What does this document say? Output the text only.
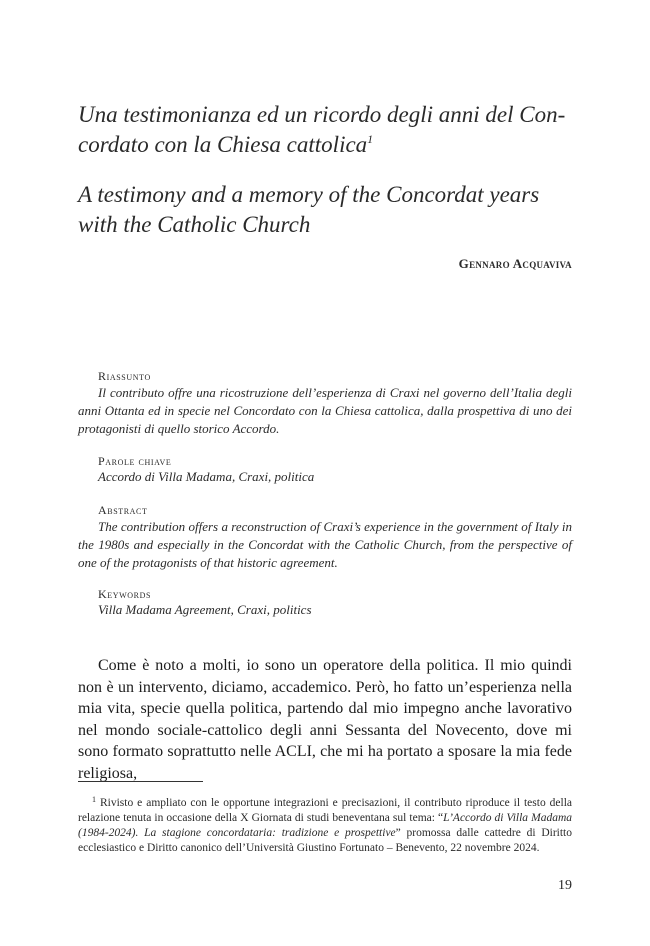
Una testimonianza ed un ricordo degli anni del Con-
cordato con la Chiesa cattolica$^1$
A testimony and a memory of the Concordat years
with the Catholic Church
Gennaro Acquaviva
Riassunto
Il contributo offre una ricostruzione dell’esperienza di Craxi nel governo dell’Italia degli anni Ottanta ed in specie nel Concordato con la Chiesa cattolica, dalla prospettiva di uno dei protagonisti di quello storico Accordo.
Parole chiave
Accordo di Villa Madama, Craxi, politica
Abstract
The contribution offers a reconstruction of Craxi’s experience in the government of Italy in the 1980s and especially in the Concordat with the Catholic Church, from the perspective of one of the protagonists of that historic agreement.
Keywords
Villa Madama Agreement, Craxi, politics
Come è noto a molti, io sono un operatore della politica. Il mio quindi non è un intervento, diciamo, accademico. Però, ho fatto un’esperienza nella mia vita, specie quella politica, partendo dal mio impegno anche lavorativo nel mondo sociale-cattolico degli anni Sessanta del Novecento, dove mi sono formato soprattutto nelle ACLI, che mi ha portato a sposare la mia fede religiosa,
1 Rivisto e ampliato con le opportune integrazioni e precisazioni, il contributo riproduce il testo della relazione tenuta in occasione della X Giornata di studi beneventana sul tema: “L’Accordo di Villa Madama (1984-2024). La stagione concordataria: tradizione e prospettive” promossa dalle cattedre di Diritto ecclesiastico e Diritto canonico dell’Università Giustino Fortunato – Benevento, 22 novembre 2024.
19
